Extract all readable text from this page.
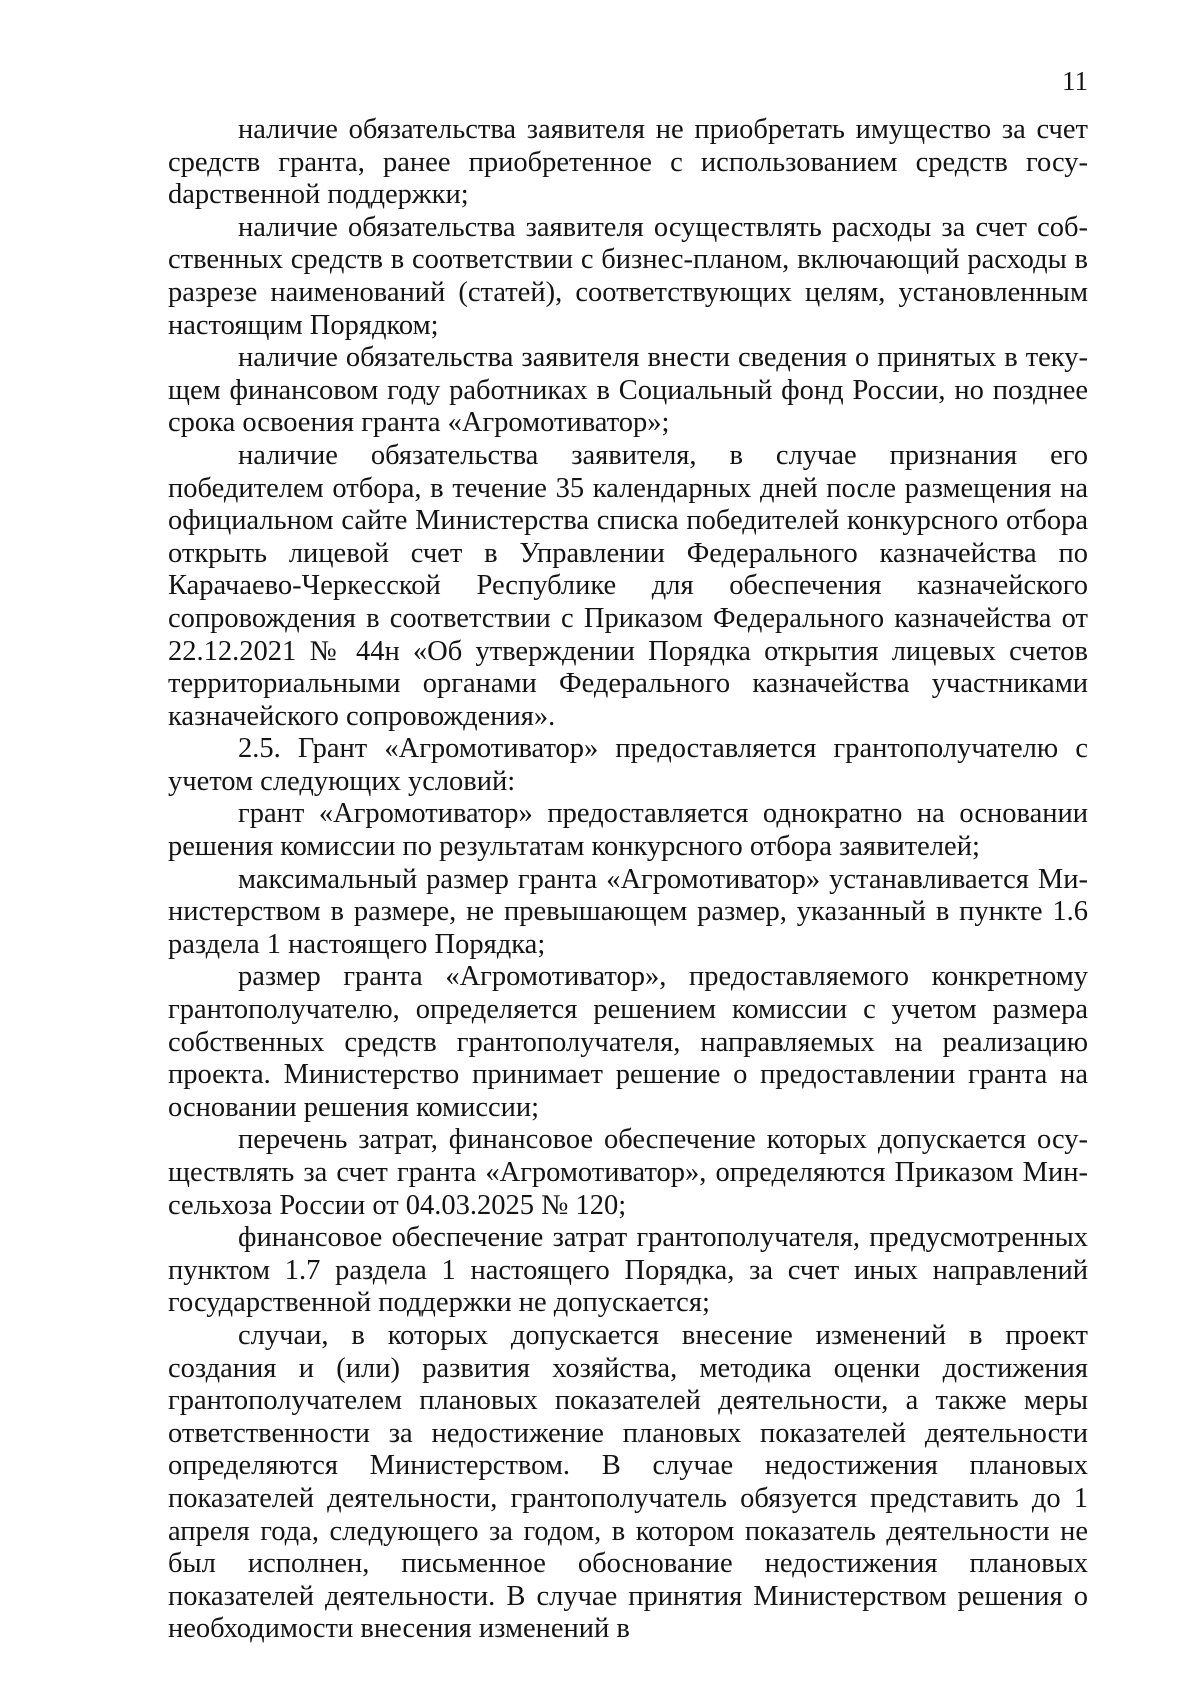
11

наличие обязательства заявителя не приобретать имущество за счет средств гранта, ранее приобретенное с использованием средств госуdарственной поддержки;

наличие обязательства заявителя осуществлять расходы за счет собственных средств в соответствии с бизнес-планом, включающий расходы в разрезе наименований (статей), соответствующих целям, установленным настоящим Порядком;

наличие обязательства заявителя внести сведения о принятых в текущем финансовом году работниках в Социальный фонд России, но позднее срока освоения гранта «Агромотиватор»;

наличие обязательства заявителя, в случае признания его победителем отбора, в течение 35 календарных дней после размещения на официальном сайте Министерства списка победителей конкурсного отбора открыть лицевой счет в Управлении Федерального казначейства по Карачаево-Черкесской Республике для обеспечения казначейского сопровождения в соответствии с Приказом Федерального казначейства от 22.12.2021 № 44н «Об утверждении Порядка открытия лицевых счетов территориальными органами Федерального казначейства участниками казначейского сопровождения».

2.5. Грант «Агромотиватор» предоставляется грантополучателю с учетом следующих условий:

грант «Агромотиватор» предоставляется однократно на основании решения комиссии по результатам конкурсного отбора заявителей;

максимальный размер гранта «Агромотиватор» устанавливается Министерством в размере, не превышающем размер, указанный в пункте 1.6 раздела 1 настоящего Порядка;

размер гранта «Агромотиватор», предоставляемого конкретному грантополучателю, определяется решением комиссии с учетом размера собственных средств грантополучателя, направляемых на реализацию проекта. Министерство принимает решение о предоставлении гранта на основании решения комиссии;

перечень затрат, финансовое обеспечение которых допускается осуществлять за счет гранта «Агромотиватор», определяются Приказом Минсельхоза России от 04.03.2025 № 120;

финансовое обеспечение затрат грантополучателя, предусмотренных пунктом 1.7 раздела 1 настоящего Порядка, за счет иных направлений государственной поддержки не допускается;

случаи, в которых допускается внесение изменений в проект создания и (или) развития хозяйства, методика оценки достижения грантополучателем плановых показателей деятельности, а также меры ответственности за недостижение плановых показателей деятельности определяются Министерством. В случае недостижения плановых показателей деятельности, грантополучатель обязуется представить до 1 апреля года, следующего за годом, в котором показатель деятельности не был исполнен, письменное обоснование недостижения плановых показателей деятельности. В случае принятия Министерством решения о необходимости внесения изменений в
